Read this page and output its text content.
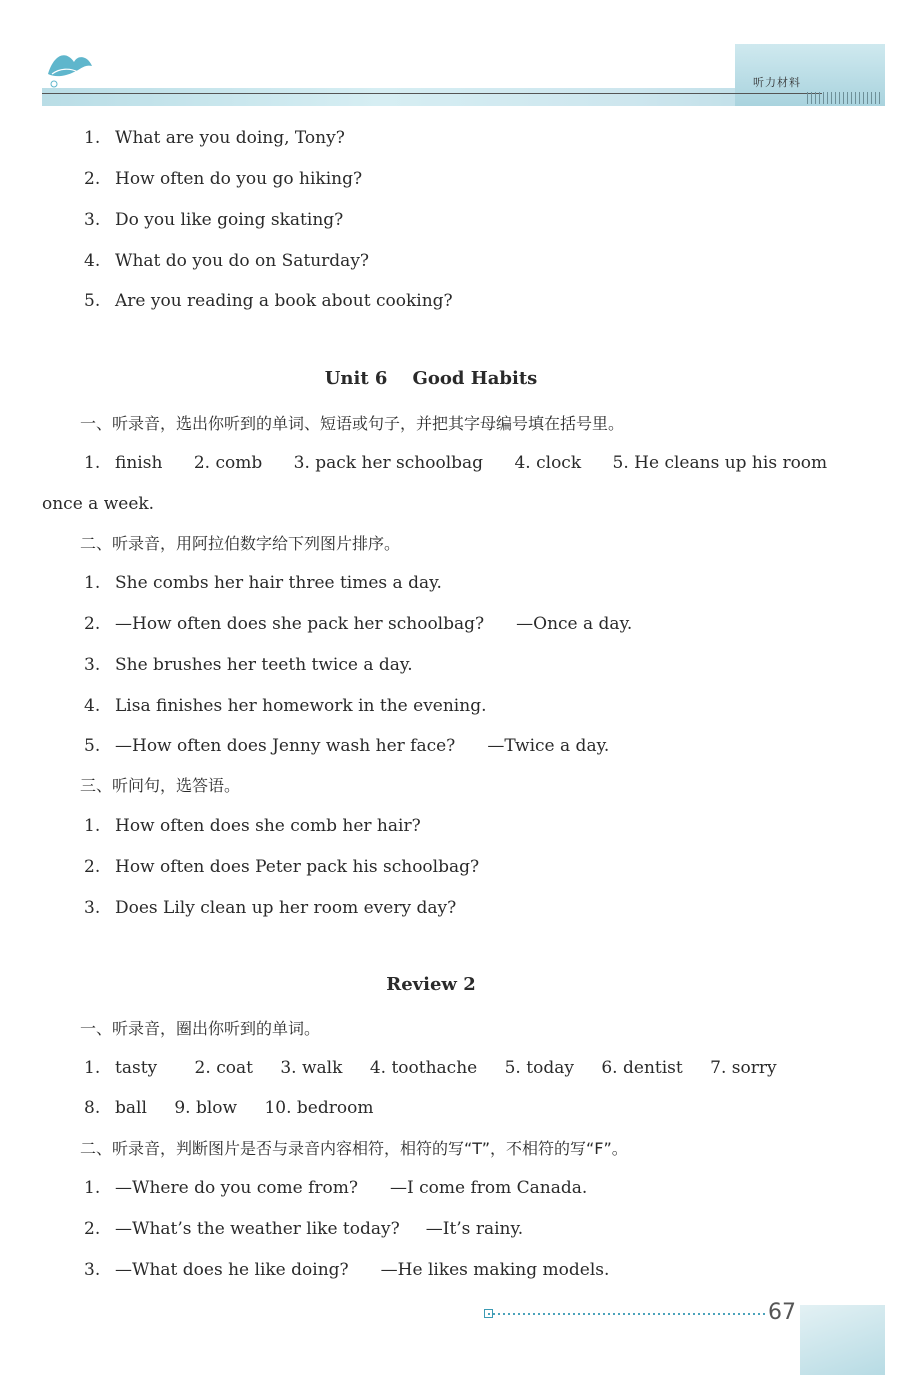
听力材料
1. What are you doing, Tony?
2. How often do you go hiking?
3. Do you like going skating?
4. What do you do on Saturday?
5. Are you reading a book about cooking?
Unit 6    Good Habits
一、听录音，选出你听到的单词、短语或句子，并把其字母编号填在括号里。
1. finish 2. comb 3. pack her schoolbag 4. clock 5. He cleans up his room
once a week.
二、听录音，用阿拉伯数字给下列图片排序。
1. She combs her hair three times a day.
2. —How often does she pack her schoolbag? —Once a day.
3. She brushes her teeth twice a day.
4. Lisa finishes her homework in the evening.
5. —How often does Jenny wash her face? —Twice a day.
三、听问句，选答语。
1. How often does she comb her hair?
2. How often does Peter pack his schoolbag?
3. Does Lily clean up her room every day?
Review 2
一、听录音，圈出你听到的单词。
1. tasty 2. coat 3. walk 4. toothache 5. today 6. dentist 7. sorry
8. ball 9. blow 10. bedroom
二、听录音，判断图片是否与录音内容相符，相符的写“T”，不相符的写“F”。
1. —Where do you come from? —I come from Canada.
2. —What’s the weather like today? —It’s rainy.
3. —What does he like doing? —He likes making models.
67
